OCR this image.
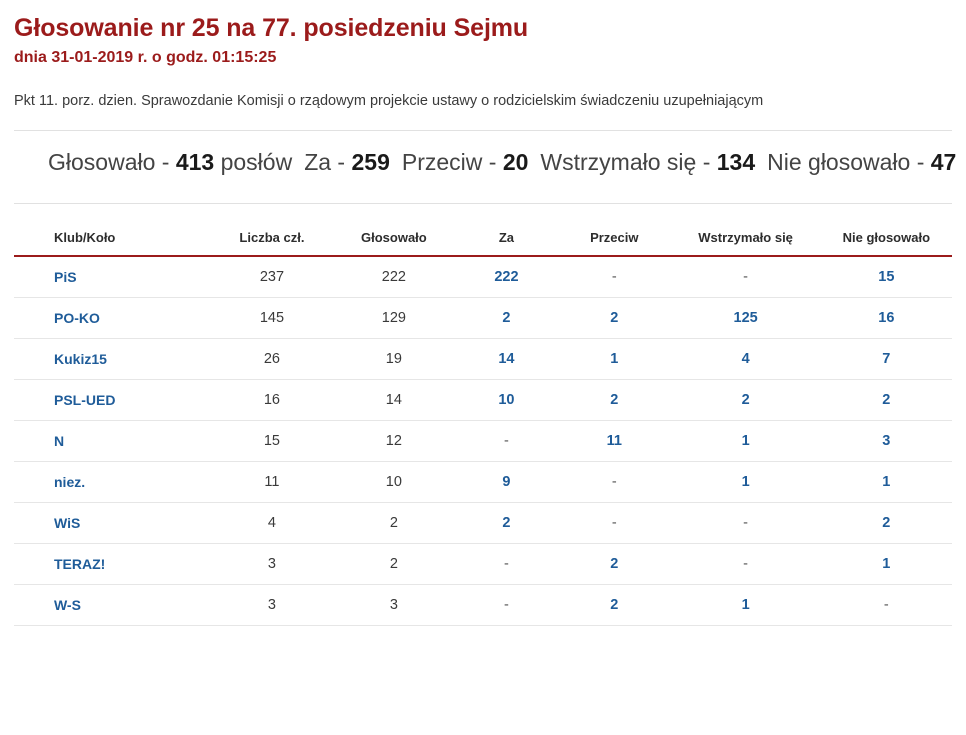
Głosowanie nr 25 na 77. posiedzeniu Sejmu
dnia 31-01-2019 r. o godz. 01:15:25

Pkt 11. porz. dzien. Sprawozdanie Komisji o rządowym projekcie ustawy o rodzicielskim świadczeniu uzupełniającym

Głosowało - 413 posłów Za - 259 Przeciw - 20 Wstrzymało się - 134 Nie głosowało - 47
Klub/Koło	Liczba czł.	Głosowało	Za	Przeciw	Wstrzymało się	Nie głosowało
PiS	237	222	222	-	-	15
PO-KO	145	129	2	2	125	16
Kukiz15	26	19	14	1	4	7
PSL-UED	16	14	10	2	2	2
N	15	12	-	11	1	3
niez.	11	10	9	-	1	1
WiS	4	2	2	-	-	2
TERAZ!	3	2	-	2	-	1
W-S	3	3	-	2	1	-
